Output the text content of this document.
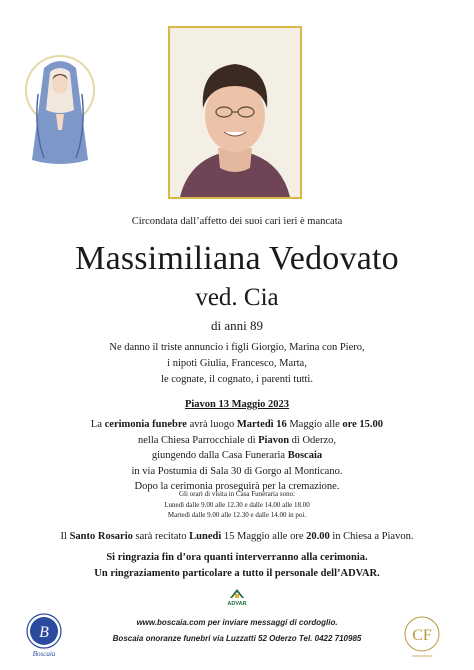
Circondata dall’affetto dei suoi cari ieri è mancata
Massimiliana Vedovato
ved. Cia
di anni 89
Ne danno il triste annuncio i figli Giorgio, Marina con Piero,
i nipoti Giulia, Francesco, Marta,
le cognate, il cognato, i parenti tutti.
Piavon 13 Maggio 2023
La cerimonia funebre avrà luogo Martedì 16 Maggio alle ore 15.00
nella Chiesa Parrocchiale di Piavon di Oderzo,
giungendo dalla Casa Funeraria Boscaia
in via Postumia di Sala 30 di Gorgo al Monticano.
Dopo la cerimonia proseguirà per la cremazione.
Gli orari di visita in Casa Funeraria sono:
Lunedì dalle 9.00 alle 12.30 e dalle 14.00 alle 18.00
Martedì dalle 9.00 alle 12.30 e dalle 14.00 in poi.
Il Santo Rosario sarà recitato Lunedì 15 Maggio alle ore 20.00 in Chiesa a Piavon.
Si ringrazia fin d’ora quanti interverranno alla cerimonia.
Un ringraziamento particolare a tutto il personale dell’ADVAR.
ADVAR
B
Boscaia
www.boscaia.com per inviare messaggi di cordoglio.
Boscaia onoranze funebri via Luzzatti 52 Oderzo Tel. 0422 710985	CF
